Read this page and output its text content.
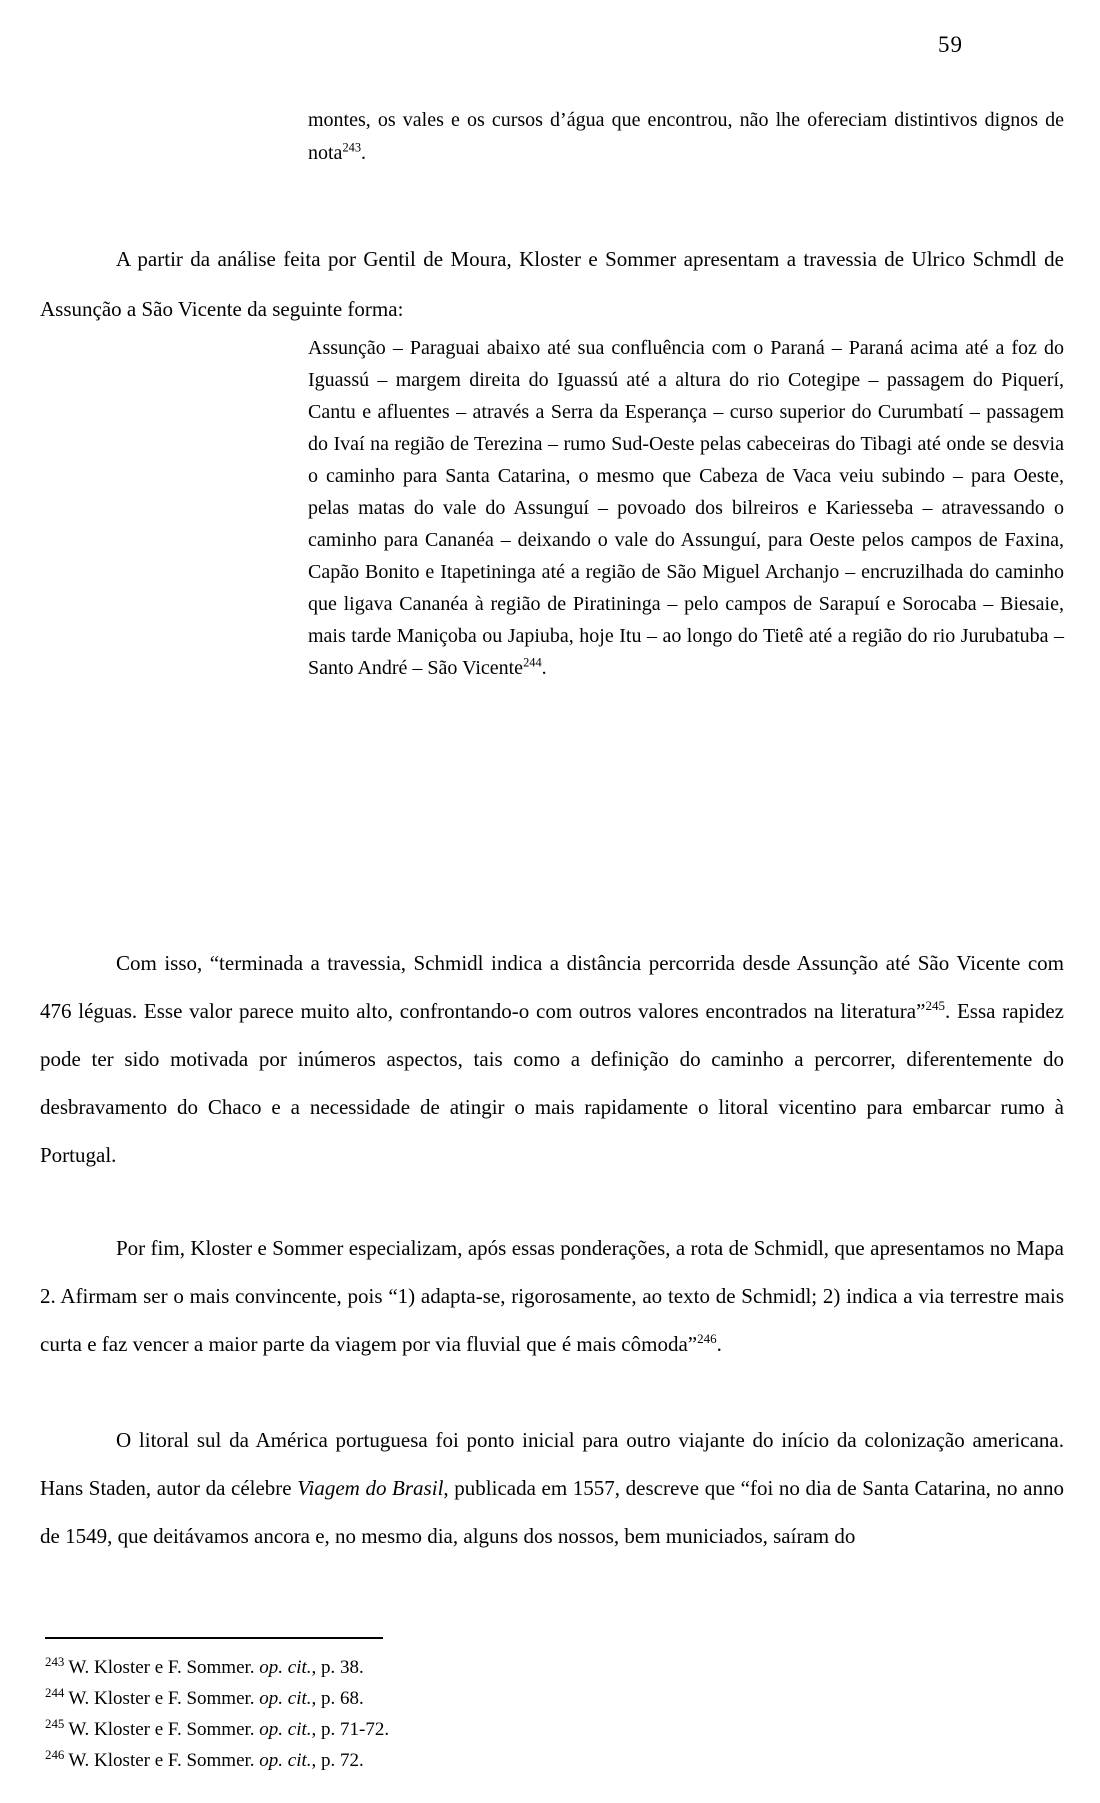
59
montes, os vales e os cursos d’água que encontrou, não lhe ofereciam distintivos dignos de nota$^{243}$.
A partir da análise feita por Gentil de Moura, Kloster e Sommer apresentam a travessia de Ulrico Schmdl de Assunção a São Vicente da seguinte forma:
Assunção – Paraguai abaixo até sua confluência com o Paraná – Paraná acima até a foz do Iguassú – margem direita do Iguassú até a altura do rio Cotegipe – passagem do Piquerí, Cantu e afluentes – através a Serra da Esperança – curso superior do Curumbatí – passagem do Ivaí na região de Terezina – rumo Sud-Oeste pelas cabeceiras do Tibagi até onde se desvia o caminho para Santa Catarina, o mesmo que Cabeza de Vaca veiu subindo – para Oeste, pelas matas do vale do Assunguí – povoado dos bilreiros e Kariesseba – atravessando o caminho para Cananéa – deixando o vale do Assunguí, para Oeste pelos campos de Faxina, Capão Bonito e Itapetininga até a região de São Miguel Archanjo – encruzilhada do caminho que ligava Cananéa à região de Piratininga – pelo campos de Sarapuí e Sorocaba – Biesaie, mais tarde Maniçoba ou Japiuba, hoje Itu – ao longo do Tietê até a região do rio Jurubatuba – Santo André – São Vicente$^{244}$.
Com isso, “terminada a travessia, Schmidl indica a distância percorrida desde Assunção até São Vicente com 476 léguas. Esse valor parece muito alto, confrontando-o com outros valores encontrados na literatura”$^{245}$. Essa rapidez pode ter sido motivada por inúmeros aspectos, tais como a definição do caminho a percorrer, diferentemente do desbravamento do Chaco e a necessidade de atingir o mais rapidamente o litoral vicentino para embarcar rumo à Portugal.
Por fim, Kloster e Sommer especializam, após essas ponderações, a rota de Schmidl, que apresentamos no Mapa 2. Afirmam ser o mais convincente, pois “1) adapta-se, rigorosamente, ao texto de Schmidl; 2) indica a via terrestre mais curta e faz vencer a maior parte da viagem por via fluvial que é mais cômoda”$^{246}$.
O litoral sul da América portuguesa foi ponto inicial para outro viajante do início da colonização americana. Hans Staden, autor da célebre Viagem do Brasil, publicada em 1557, descreve que “foi no dia de Santa Catarina, no anno de 1549, que deitávamos ancora e, no mesmo dia, alguns dos nossos, bem municiados, saíram do
$^{243}$ W. Kloster e F. Sommer. op. cit., p. 38.
$^{244}$ W. Kloster e F. Sommer. op. cit., p. 68.
$^{245}$ W. Kloster e F. Sommer. op. cit., p. 71-72.
$^{246}$ W. Kloster e F. Sommer. op. cit., p. 72.
